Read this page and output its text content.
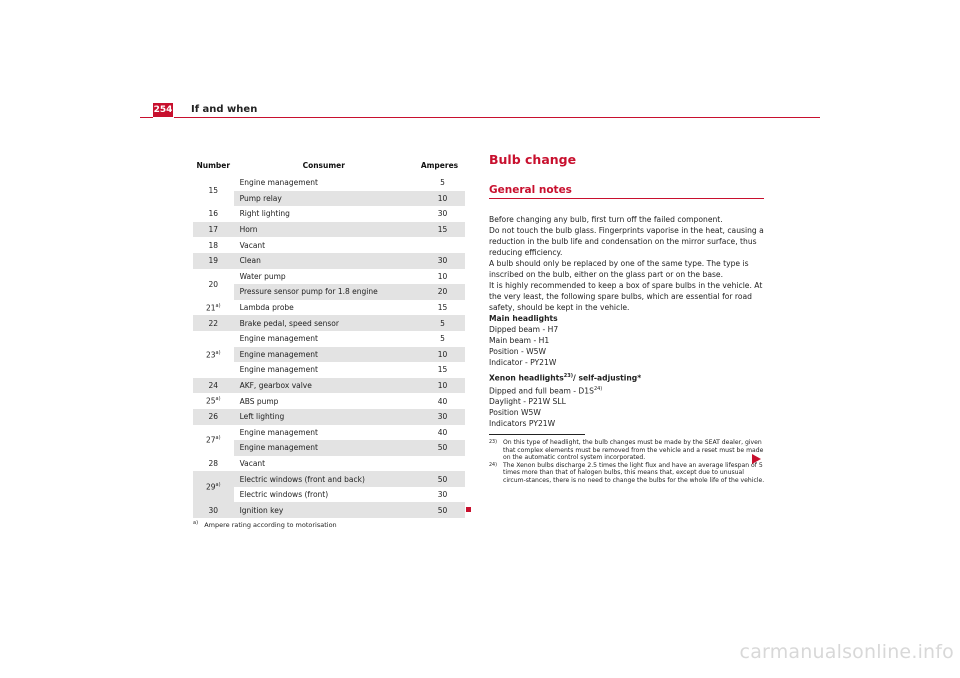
254 If and when
Number	Consumer	Amperes
15	Engine management	5
	Pump relay	10
16	Right lighting	30
17	Horn	15
18	Vacant	
19	Clean	30
20	Water pump	10
	Pressure sensor pump for 1.8 engine	20
21$^{a)}$	Lambda probe	15
22	Brake pedal, speed sensor	5
23$^{a)}$	Engine management	5
	Engine management	10
	Engine management	15
24	AKF, gearbox valve	10
25$^{a)}$	ABS pump	40
26	Left lighting	30
27$^{a)}$	Engine management	40
	Engine management	50
28	Vacant	
29$^{a)}$	Electric windows (front and back)	50
	Electric windows (front)	30
30	Ignition key	50
$^{a)}$ Ampere rating according to motorisation
Bulb change
General notes

Before changing any bulb, first turn off the failed component.

Do not touch the bulb glass. Fingerprints vaporise in the heat, causing a reduction in the bulb life and condensation on the mirror surface, thus reducing efficiency.

A bulb should only be replaced by one of the same type. The type is inscribed on the bulb, either on the glass part or on the base.

It is highly recommended to keep a box of spare bulbs in the vehicle. At the very least, the following spare bulbs, which are essential for road safety, should be kept in the vehicle.

Main headlights

Dipped beam - H7

Main beam - H1

Position - W5W

Indicator - PY21W

Xenon headlights$^{23)}$/ self-adjusting*

Dipped and full beam - $D1S^{24)}$

Daylight - P21W SLL

Position W5W

Indicators PY21W

$^{23)}$ On this type of headlight, the bulb changes must be made by the SEAT dealer, given that complex elements must be removed from the vehicle and a reset must be made on the automatic control system incorporated.
$^{24)}$ The Xenon bulbs discharge 2.5 times the light flux and have an average lifespan of 5 times more than that of halogen bulbs, this means that, except due to unusual circum-stances, there is no need to change the bulbs for the whole life of the vehicle.
carmanualsonline.info
